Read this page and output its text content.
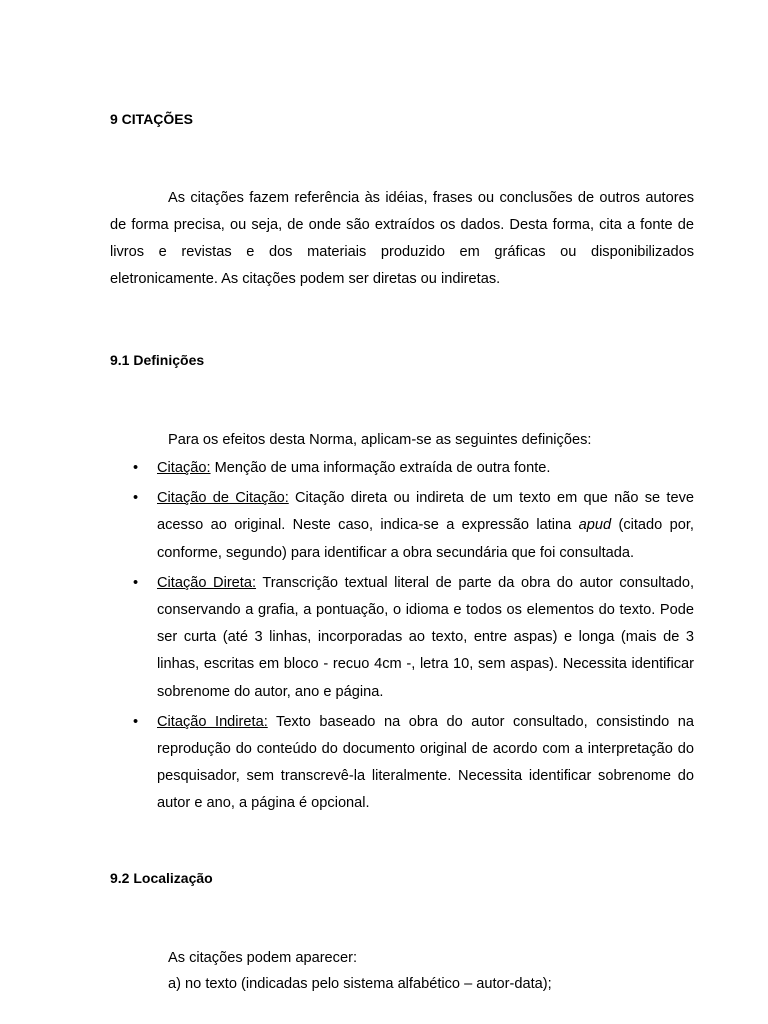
9 CITAÇÕES

As citações fazem referência às idéias, frases ou conclusões de outros autores de forma precisa, ou seja, de onde são extraídos os dados. Desta forma, cita a fonte de livros e revistas e dos materiais produzido em gráficas ou disponibilizados eletronicamente. As citações podem ser diretas ou indiretas.

9.1 Definições

Para os efeitos desta Norma, aplicam-se as seguintes definições:

• Citação: Menção de uma informação extraída de outra fonte.
• Citação de Citação: Citação direta ou indireta de um texto em que não se teve acesso ao original. Neste caso, indica-se a expressão latina apud (citado por, conforme, segundo) para identificar a obra secundária que foi consultada.
• Citação Direta: Transcrição textual literal de parte da obra do autor consultado, conservando a grafia, a pontuação, o idioma e todos os elementos do texto. Pode ser curta (até 3 linhas, incorporadas ao texto, entre aspas) e longa (mais de 3 linhas, escritas em bloco - recuo 4cm -, letra 10, sem aspas). Necessita identificar sobrenome do autor, ano e página.
• Citação Indireta: Texto baseado na obra do autor consultado, consistindo na reprodução do conteúdo do documento original de acordo com a interpretação do pesquisador, sem transcrevê-la literalmente. Necessita identificar sobrenome do autor e ano, a página é opcional.
9.2 Localização

As citações podem aparecer:

a) no texto (indicadas pelo sistema alfabético – autor-data);
